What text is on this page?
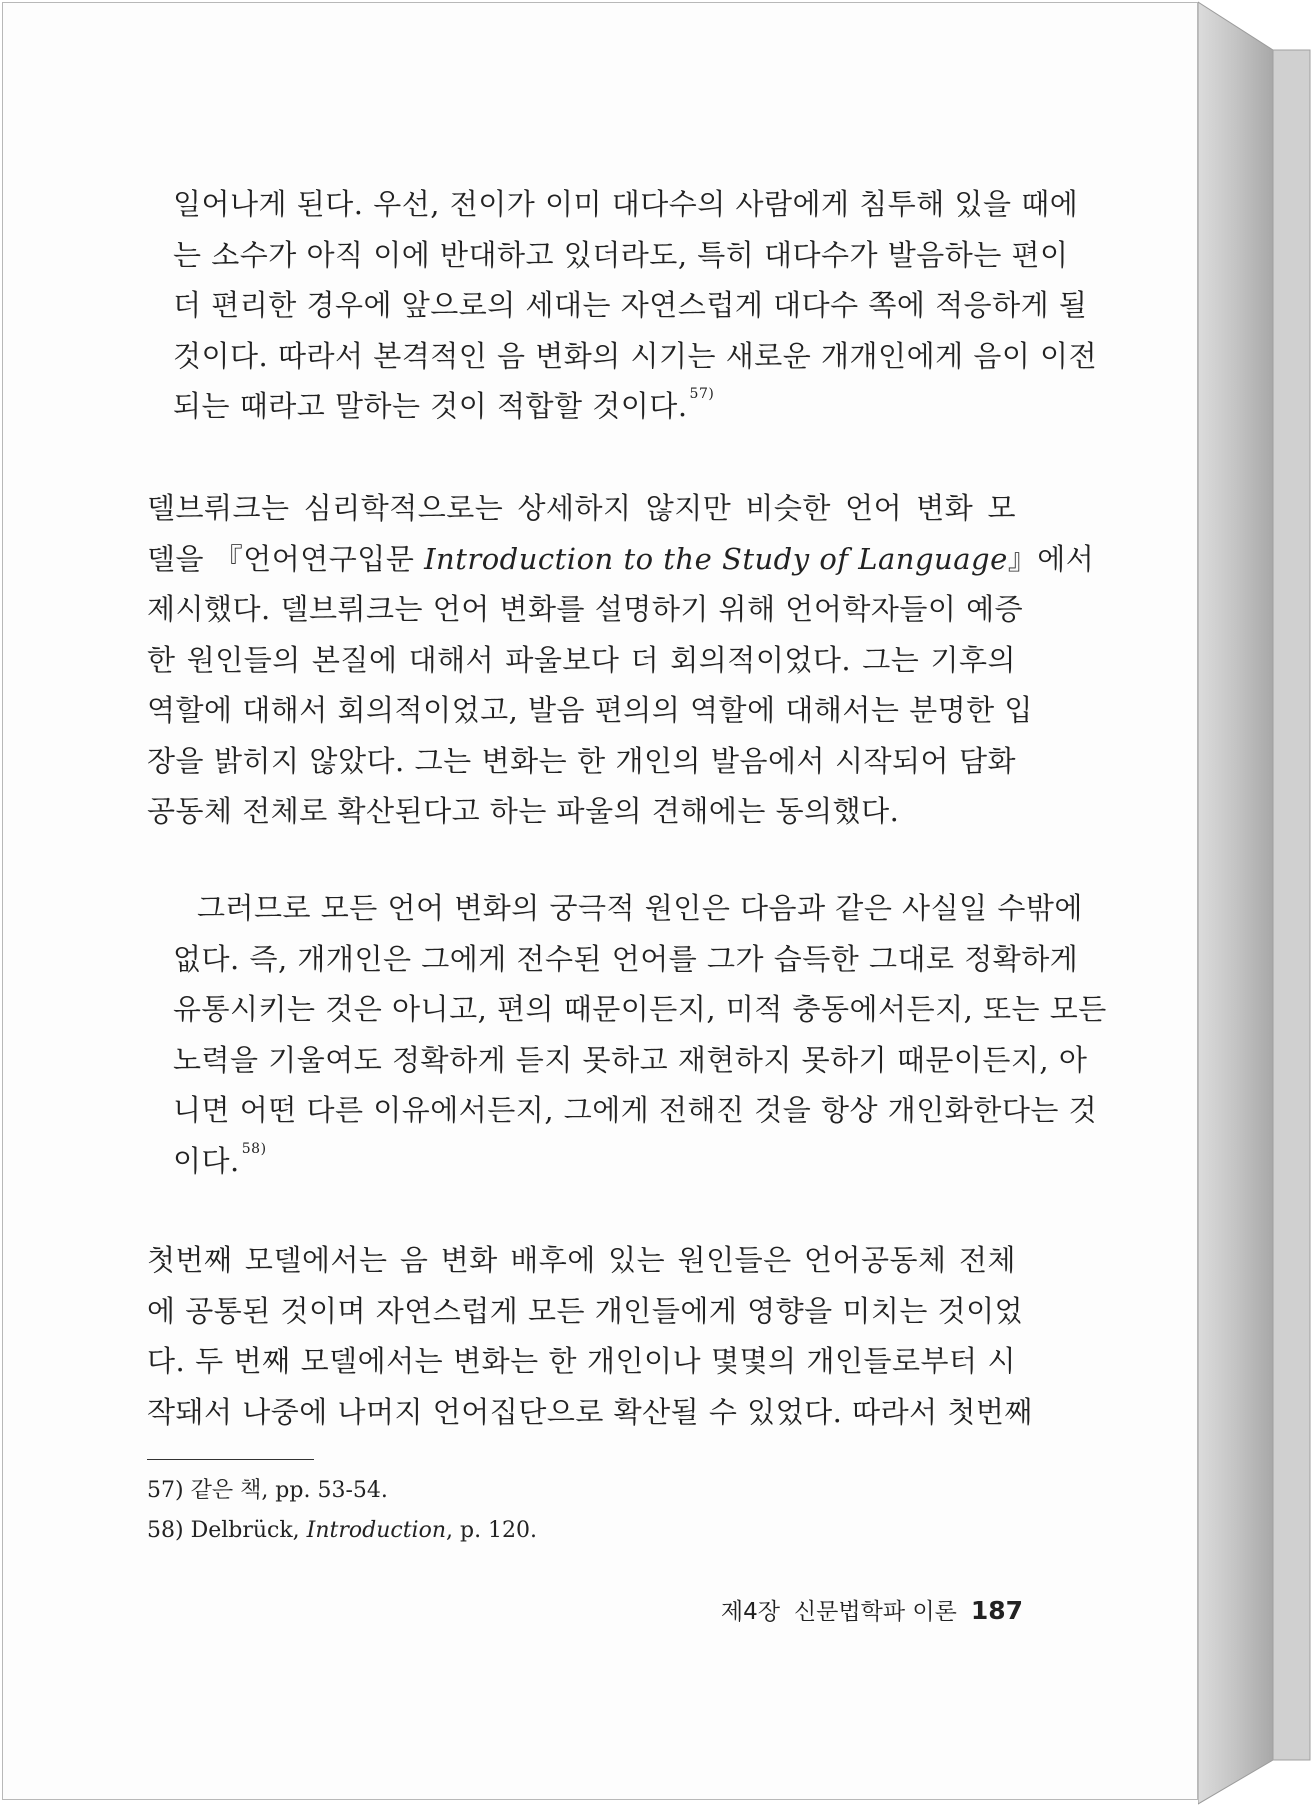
일어나게 된다. 우선, 전이가 이미 대다수의 사람에게 침투해 있을 때에
는 소수가 아직 이에 반대하고 있더라도, 특히 대다수가 발음하는 편이
더 편리한 경우에 앞으로의 세대는 자연스럽게 대다수 쪽에 적응하게 될
것이다. 따라서 본격적인 음 변화의 시기는 새로운 개개인에게 음이 이전
되는 때라고 말하는 것이 적합할 것이다. $^{57)}$
델브뤼크는 심리학적으로는 상세하지 않지만 비슷한 언어 변화 모
델을 『언어연구입문 Introduction to the Study of Language』에서
제시했다. 델브뤼크는 언어 변화를 설명하기 위해 언어학자들이 예증
한 원인들의 본질에 대해서 파울보다 더 회의적이었다. 그는 기후의
역할에 대해서 회의적이었고, 발음 편의의 역할에 대해서는 분명한 입
장을 밝히지 않았다. 그는 변화는 한 개인의 발음에서 시작되어 담화
공동체 전체로 확산된다고 하는 파울의 견해에는 동의했다.
그러므로 모든 언어 변화의 궁극적 원인은 다음과 같은 사실일 수밖에
없다. 즉, 개개인은 그에게 전수된 언어를 그가 습득한 그대로 정확하게
유통시키는 것은 아니고, 편의 때문이든지, 미적 충동에서든지, 또는 모든
노력을 기울여도 정확하게 듣지 못하고 재현하지 못하기 때문이든지, 아
니면 어떤 다른 이유에서든지, 그에게 전해진 것을 항상 개인화한다는 것
이다. $^{58)}$
첫번째 모델에서는 음 변화 배후에 있는 원인들은 언어공동체 전체
에 공통된 것이며 자연스럽게 모든 개인들에게 영향을 미치는 것이었
다. 두 번째 모델에서는 변화는 한 개인이나 몇몇의 개인들로부터 시
작돼서 나중에 나머지 언어집단으로 확산될 수 있었다. 따라서 첫번째
57) 같은 책, pp. 53-54.
58) Delbrück, Introduction, p. 120.
제4장 신문법학파 이론 187
